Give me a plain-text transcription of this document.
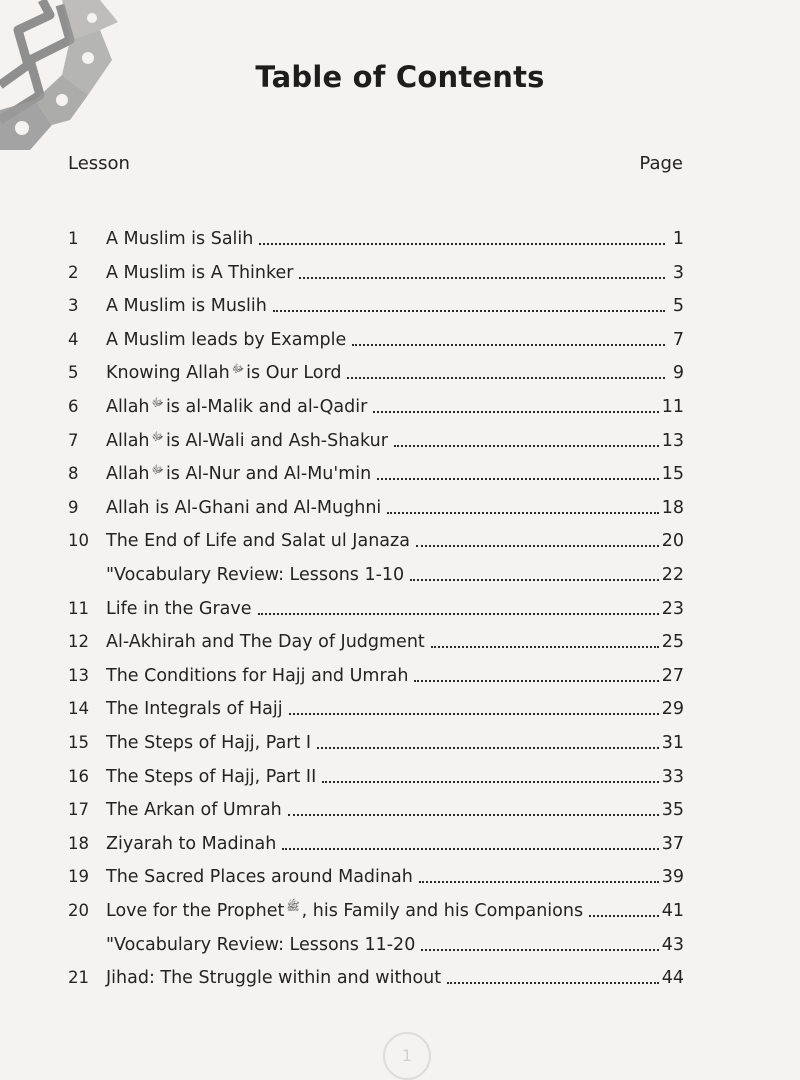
Table of Contents
Lesson	Page
1	A Muslim is Salih	1
2	A Muslim is A Thinker	3
3	A Muslim is Muslih	5
4	A Muslim leads by Example	7
5	Knowing Allah ﷻ is Our Lord	9
6	Allah ﷻ is al-Malik and al-Qadir	11
7	Allah ﷻ is Al-Wali and Ash-Shakur	13
8	Allah ﷻ is Al-Nur and Al-Mu'min	15
9	Allah is Al-Ghani and Al-Mughni	18
10 The End of Life and Salat ul Janaza	20
"Vocabulary Review: Lessons 1-10	22
11 Life in the Grave	23
12 Al-Akhirah and The Day of Judgment	25
13 The Conditions for Hajj and Umrah	27
14 The Integrals of Hajj	29
15 The Steps of Hajj, Part I	31
16 The Steps of Hajj, Part II	33
17 The Arkan of Umrah	35
18 Ziyarah to Madinah	37
19 The Sacred Places around Madinah	39
20 Love for the Prophet ﷺ , his Family and his Companions	41
"Vocabulary Review: Lessons 11-20	43
21 Jihad: The Struggle within and without	44
1
